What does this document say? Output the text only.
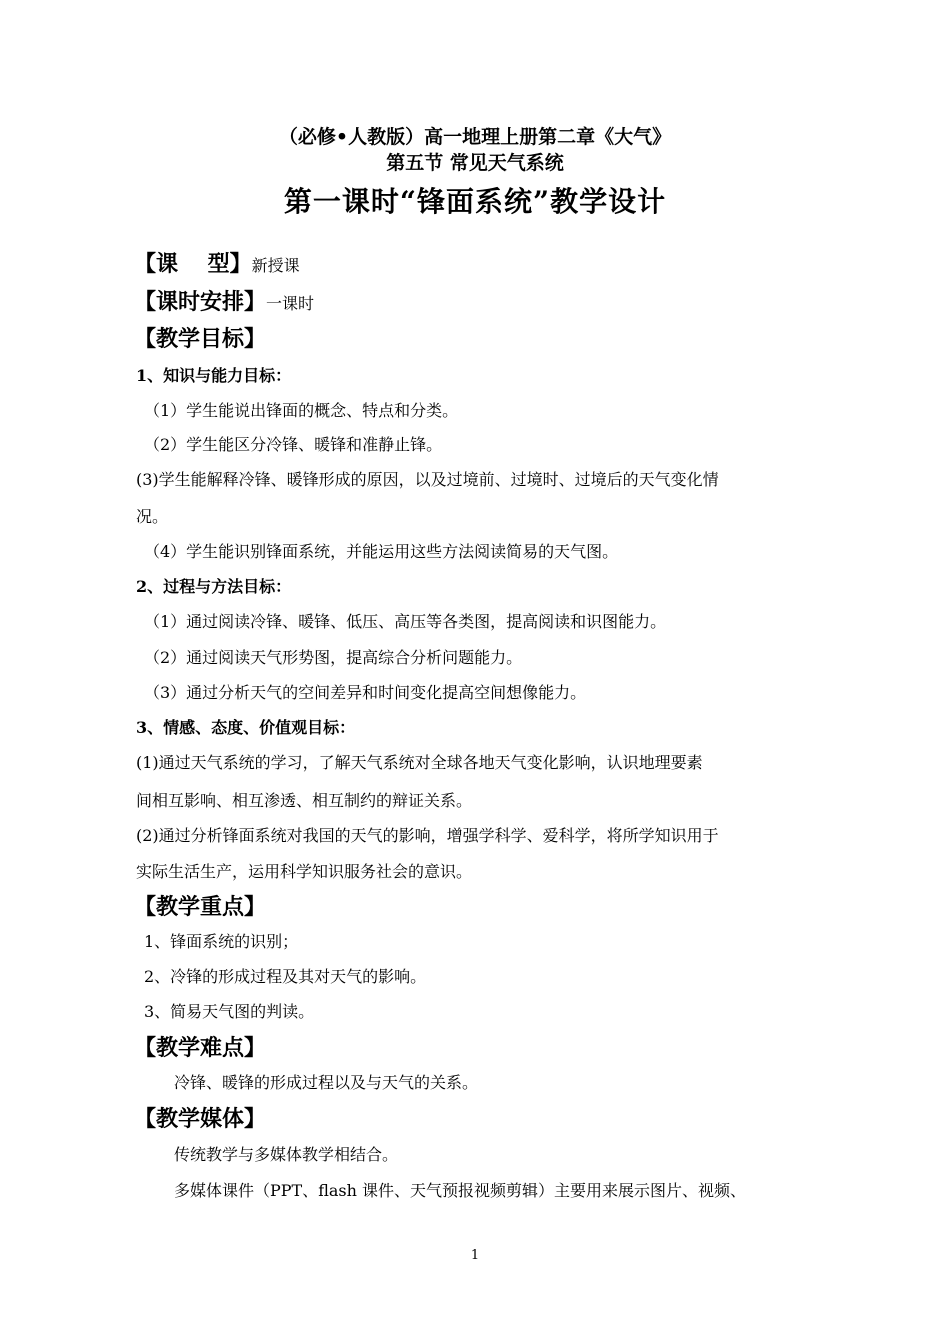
（必修•人教版）高一地理上册第二章《大气》
第五节 常见天气系统
第一课时“锋面系统”教学设计
【课　 型】新授课
【课时安排】一课时
【教学目标】
1、知识与能力目标：
（1）学生能说出锋面的概念、特点和分类。
（2）学生能区分冷锋、暖锋和准静止锋。
(3)学生能解释冷锋、暖锋形成的原因，以及过境前、过境时、过境后的天气变化情
况。
（4）学生能识别锋面系统，并能运用这些方法阅读简易的天气图。
2、过程与方法目标：
（1）通过阅读冷锋、暖锋、低压、高压等各类图，提高阅读和识图能力。
（2）通过阅读天气形势图，提高综合分析问题能力。
（3）通过分析天气的空间差异和时间变化提高空间想像能力。
3、情感、态度、价值观目标：
(1)通过天气系统的学习，了解天气系统对全球各地天气变化影响，认识地理要素
间相互影响、相互渗透、相互制约的辩证关系。
(2)通过分析锋面系统对我国的天气的影响，增强学科学、爱科学，将所学知识用于
实际生活生产，运用科学知识服务社会的意识。
【教学重点】
1、锋面系统的识别；
2、冷锋的形成过程及其对天气的影响。
3、简易天气图的判读。
【教学难点】
冷锋、暖锋的形成过程以及与天气的关系。
【教学媒体】
传统教学与多媒体教学相结合。
多媒体课件（PPT、flash 课件、天气预报视频剪辑）主要用来展示图片、视频、
1
